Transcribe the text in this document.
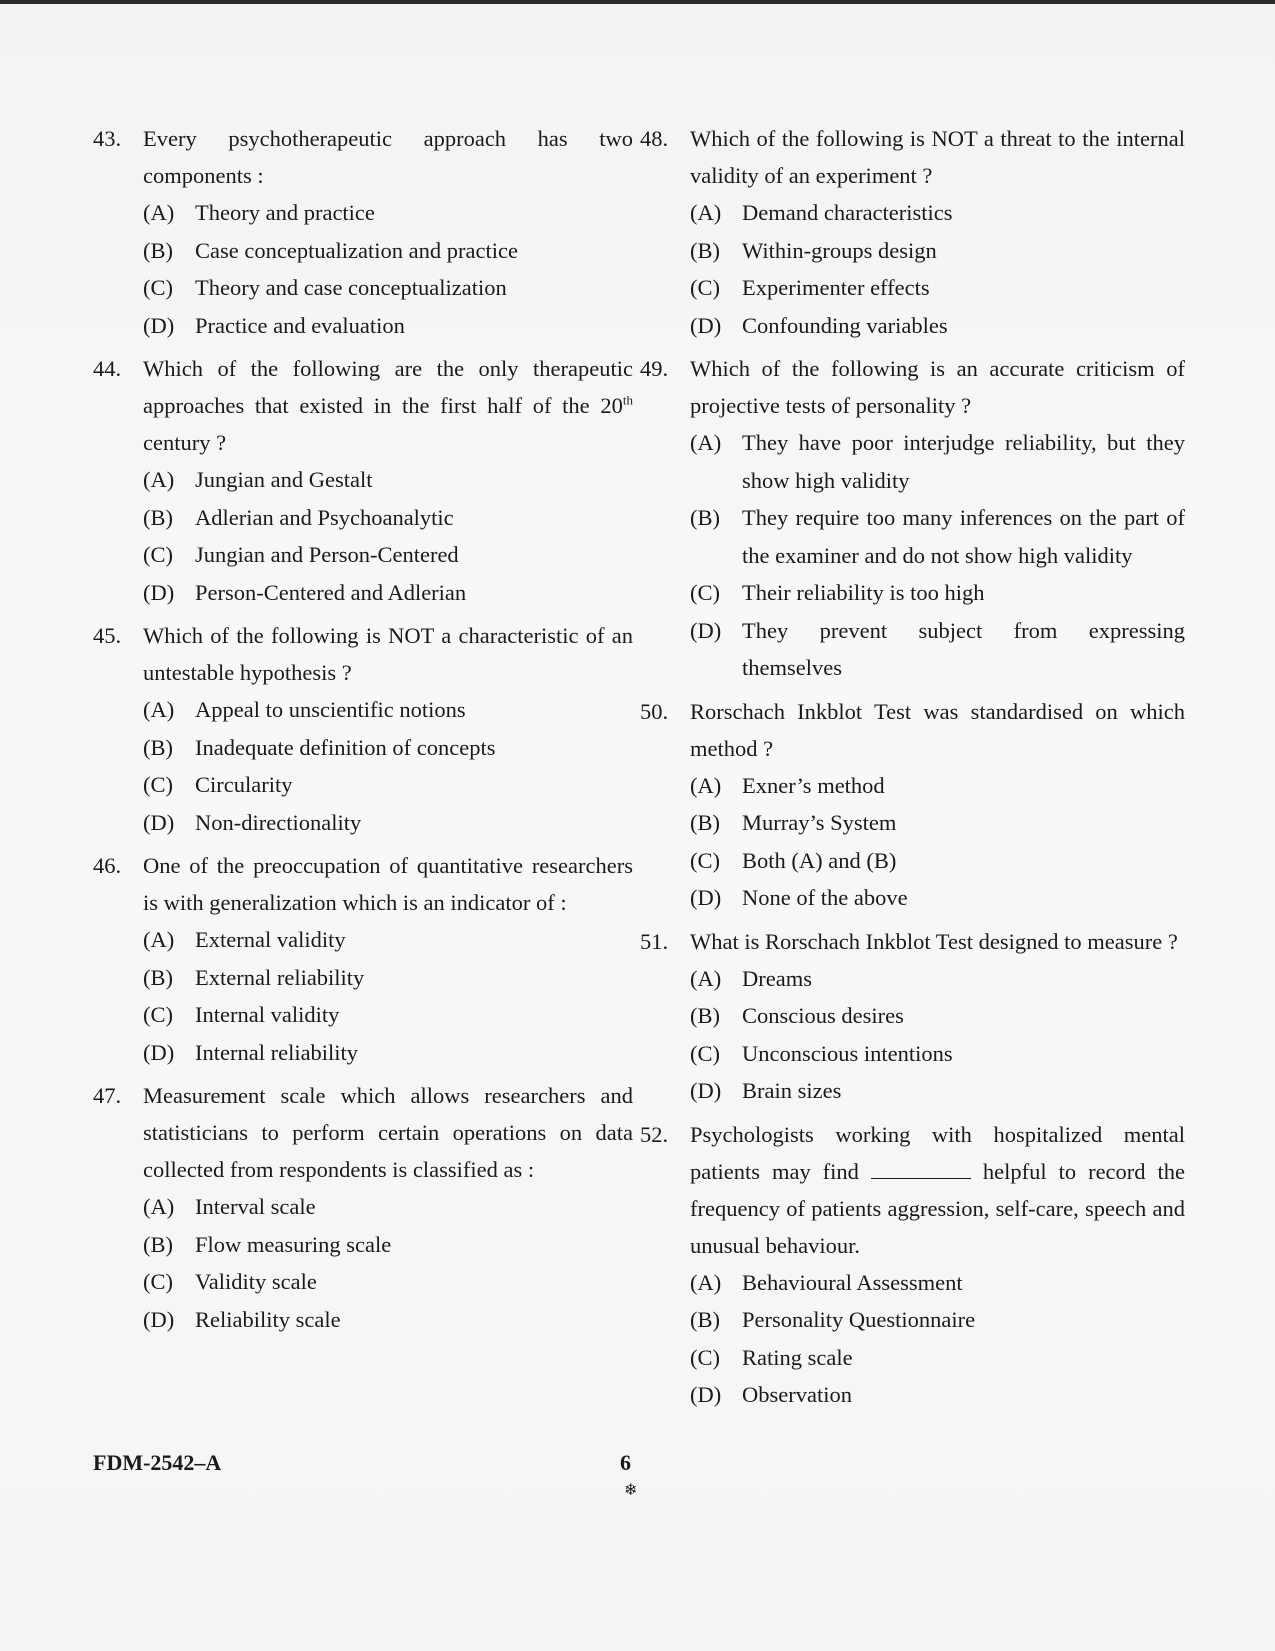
43. Every psychotherapeutic approach has two components :
(A) Theory and practice
(B) Case conceptualization and practice
(C) Theory and case conceptualization
(D) Practice and evaluation
44. Which of the following are the only therapeutic approaches that existed in the first half of the 20th century ?
(A) Jungian and Gestalt
(B) Adlerian and Psychoanalytic
(C) Jungian and Person-Centered
(D) Person-Centered and Adlerian
45. Which of the following is NOT a characteristic of an untestable hypothesis ?
(A) Appeal to unscientific notions
(B) Inadequate definition of concepts
(C) Circularity
(D) Non-directionality
46. One of the preoccupation of quantitative researchers is with generalization which is an indicator of :
(A) External validity
(B) External reliability
(C) Internal validity
(D) Internal reliability
47. Measurement scale which allows researchers and statisticians to perform certain operations on data collected from respondents is classified as :
(A) Interval scale
(B) Flow measuring scale
(C) Validity scale
(D) Reliability scale
48. Which of the following is NOT a threat to the internal validity of an experiment ?
(A) Demand characteristics
(B) Within-groups design
(C) Experimenter effects
(D) Confounding variables
49. Which of the following is an accurate criticism of projective tests of personality ?
(A) They have poor interjudge reliability, but they show high validity
(B) They require too many inferences on the part of the examiner and do not show high validity
(C) Their reliability is too high
(D) They prevent subject from expressing themselves
50. Rorschach Inkblot Test was standardised on which method ?
(A) Exner’s method
(B) Murray’s System
(C) Both (A) and (B)
(D) None of the above
51. What is Rorschach Inkblot Test designed to measure ?
(A) Dreams
(B) Conscious desires
(C) Unconscious intentions
(D) Brain sizes
52. Psychologists working with hospitalized mental patients may find	helpful to record the frequency of patients aggression, self-care, speech and unusual behaviour.
(A) Behavioural Assessment
(B) Personality Questionnaire
(C) Rating scale
(D) Observation
FDM-2542–A	6
❄
